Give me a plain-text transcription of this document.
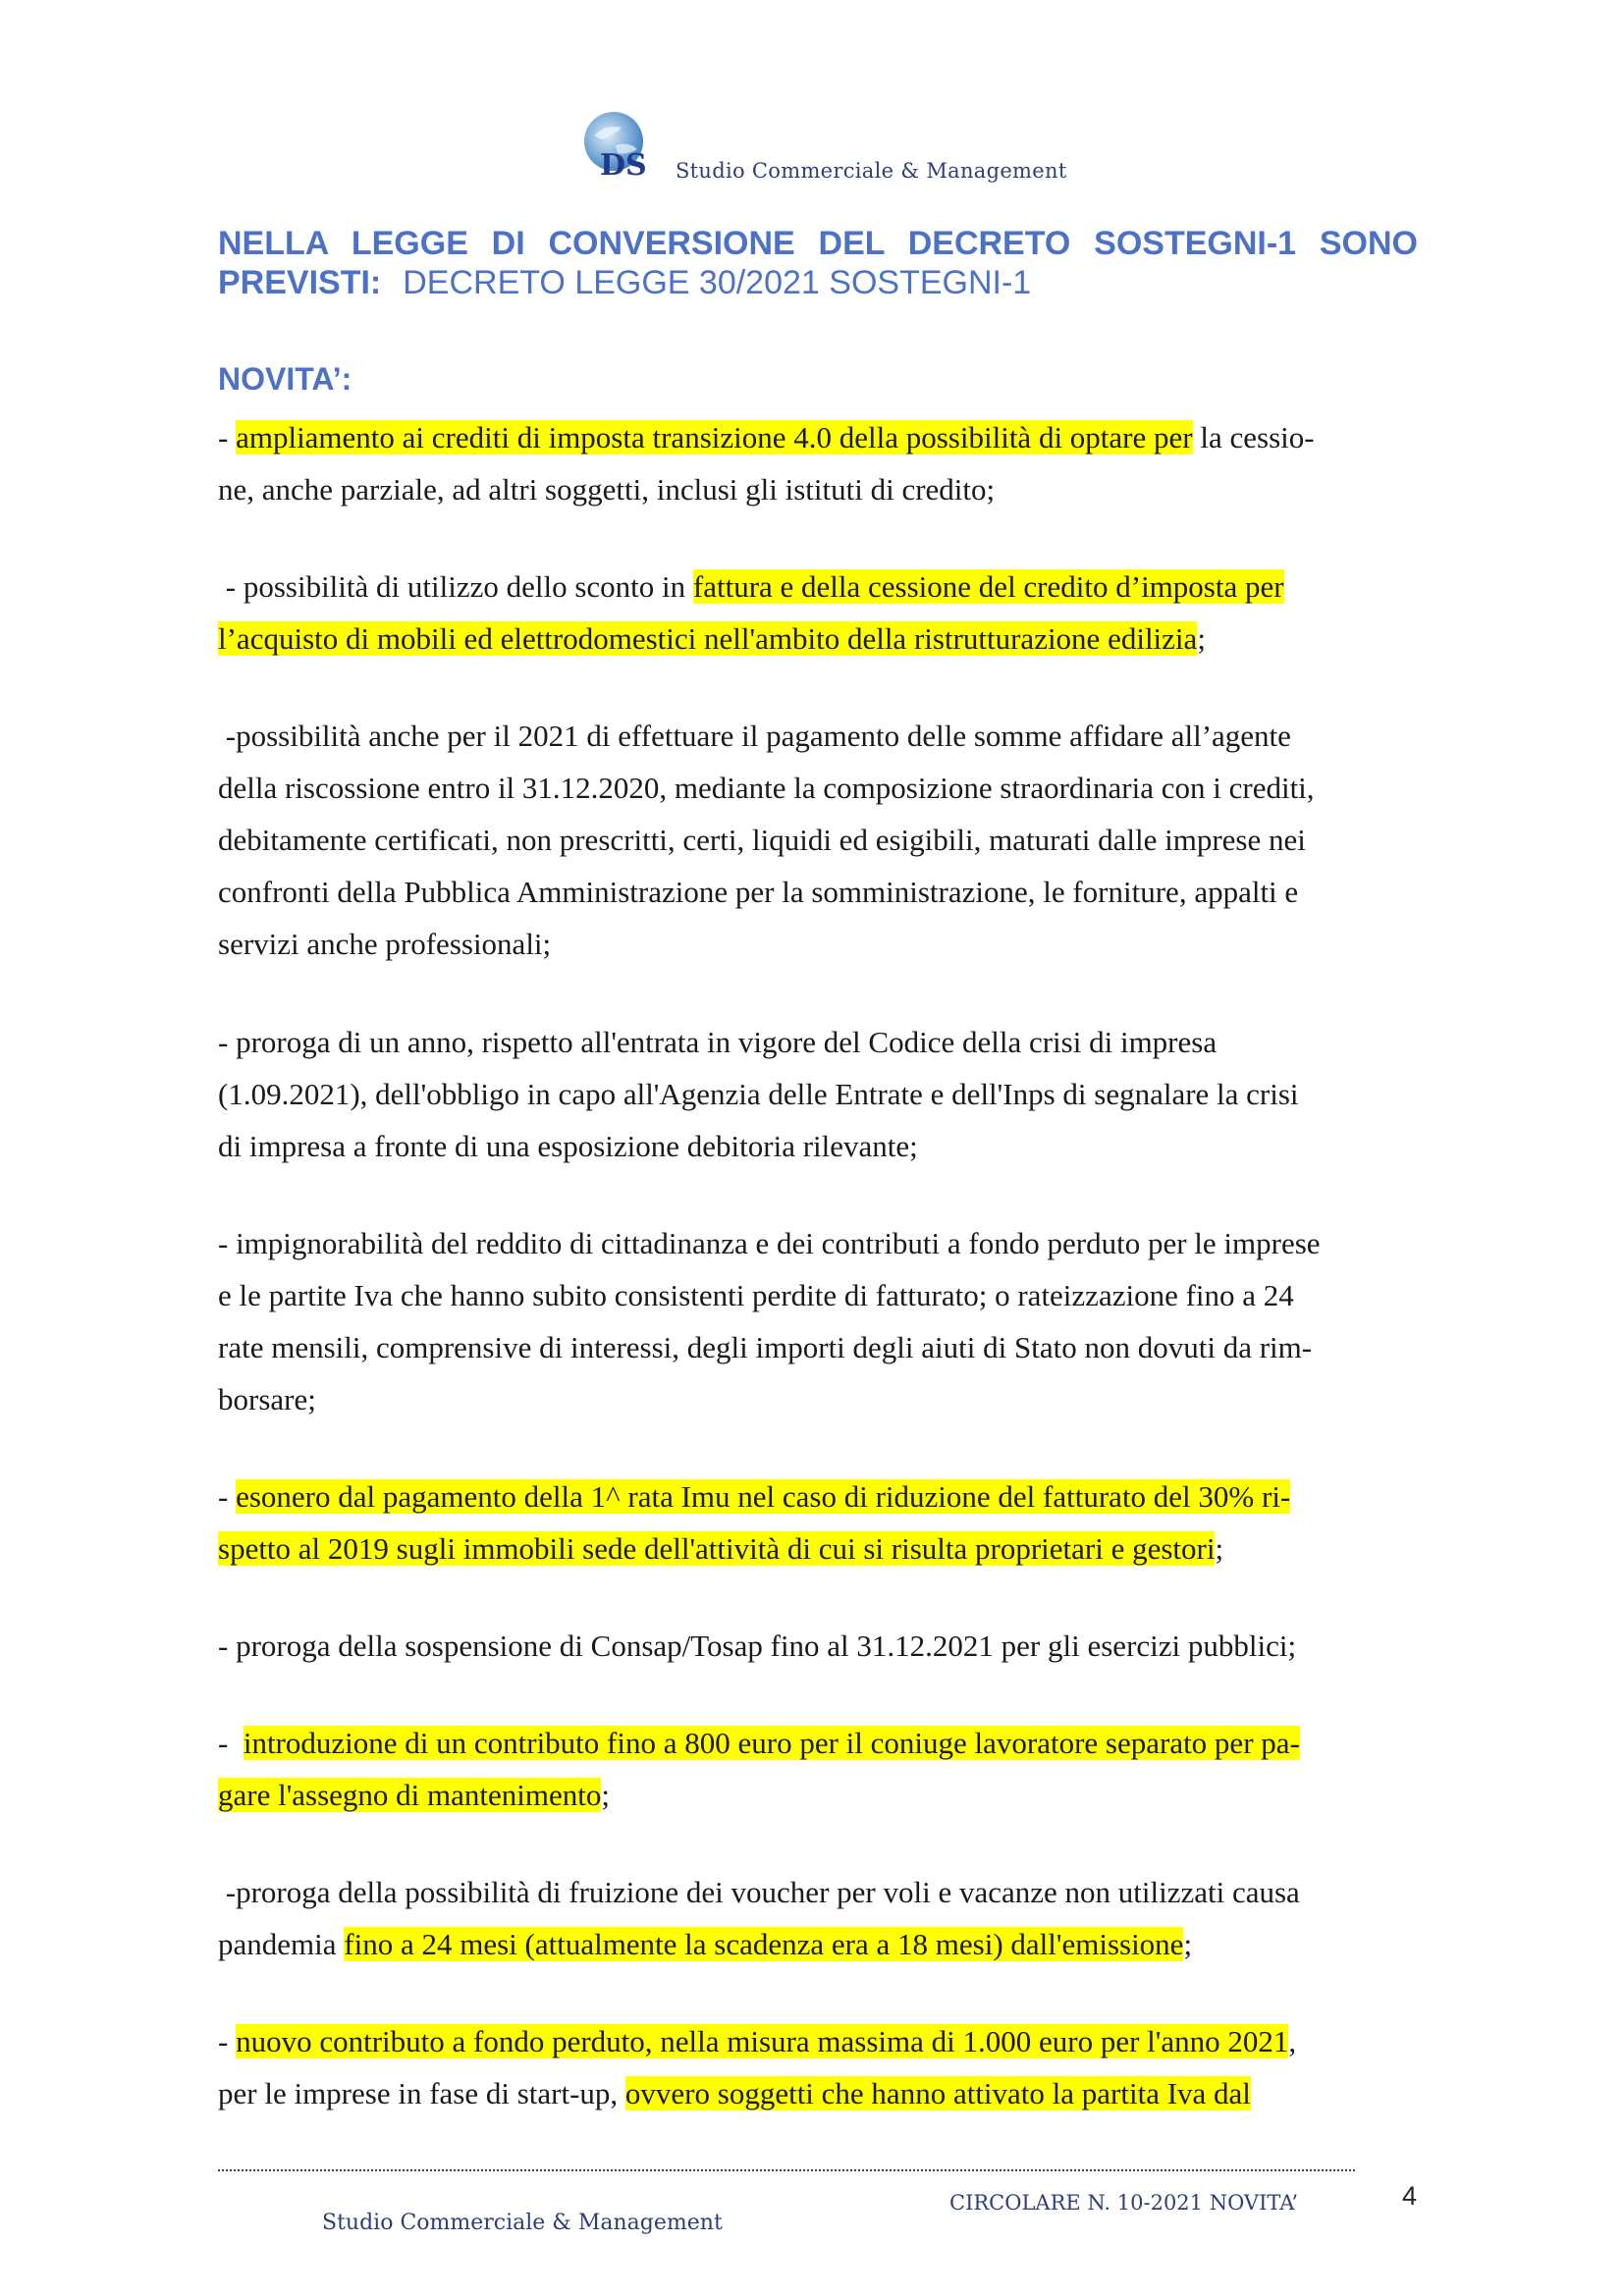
DS Studio Commerciale & Management
NELLA LEGGE DI CONVERSIONE DEL DECRETO SOSTEGNI-1 SONO
PREVISTI: DECRETO LEGGE 30/2021 SOSTEGNI-1
NOVITA’:
- ampliamento ai crediti di imposta transizione 4.0 della possibilità di optare per la cessio-
ne, anche parziale, ad altri soggetti, inclusi gli istituti di credito;
- possibilità di utilizzo dello sconto in fattura e della cessione del credito d’imposta per
l’acquisto di mobili ed elettrodomestici nell'ambito della ristrutturazione edilizia;
-possibilità anche per il 2021 di effettuare il pagamento delle somme affidare all’agente
della riscossione entro il 31.12.2020, mediante la composizione straordinaria con i crediti,
debitamente certificati, non prescritti, certi, liquidi ed esigibili, maturati dalle imprese nei
confronti della Pubblica Amministrazione per la somministrazione, le forniture, appalti e
servizi anche professionali;
- proroga di un anno, rispetto all'entrata in vigore del Codice della crisi di impresa
(1.09.2021), dell'obbligo in capo all'Agenzia delle Entrate e dell'Inps di segnalare la crisi
di impresa a fronte di una esposizione debitoria rilevante;
- impignorabilità del reddito di cittadinanza e dei contributi a fondo perduto per le imprese
e le partite Iva che hanno subito consistenti perdite di fatturato; o rateizzazione fino a 24
rate mensili, comprensive di interessi, degli importi degli aiuti di Stato non dovuti da rim-
borsare;
- esonero dal pagamento della 1^ rata Imu nel caso di riduzione del fatturato del 30% ri-
spetto al 2019 sugli immobili sede dell'attività di cui si risulta proprietari e gestori;
- proroga della sospensione di Consap/Tosap fino al 31.12.2021 per gli esercizi pubblici;
-  introduzione di un contributo fino a 800 euro per il coniuge lavoratore separato per pa-
gare l'assegno di mantenimento;
-proroga della possibilità di fruizione dei voucher per voli e vacanze non utilizzati causa
pandemia fino a 24 mesi (attualmente la scadenza era a 18 mesi) dall'emissione;
- nuovo contributo a fondo perduto, nella misura massima di 1.000 euro per l'anno 2021,
per le imprese in fase di start-up, ovvero soggetti che hanno attivato la partita Iva dal
CIRCOLARE N. 10-2021 NOVITA’	4
Studio Commerciale & Management
